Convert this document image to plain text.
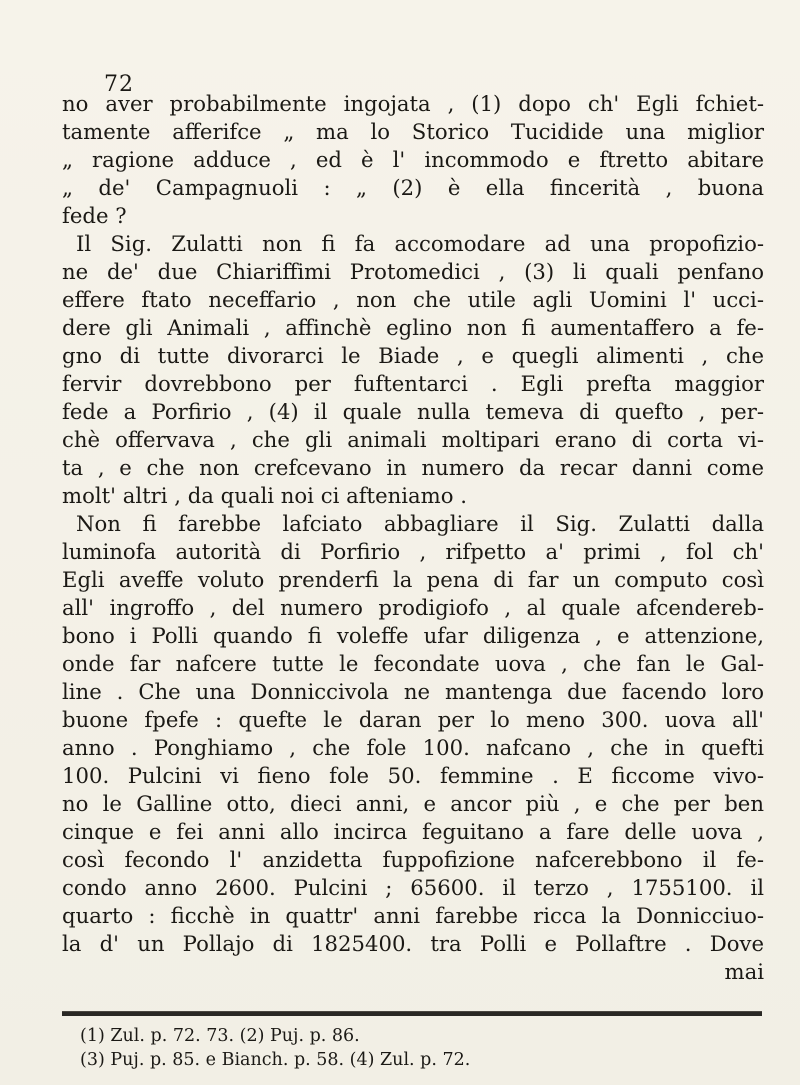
72
no aver probabilmente ingojata , (1) dopo ch' Egli fchiet-
tamente afferifce „ ma lo Storico Tucidide una miglior
„ ragione adduce , ed è l' incommodo e ftretto abitare
„ de' Campagnuoli : „ (2) è ella fincerità , buona
fede ?
Il Sig. Zulatti non fi fa accomodare ad una propofizio-
ne de' due Chiariffimi Protomedici , (3) li quali penfano
effere ftato neceffario , non che utile agli Uomini l' ucci-
dere gli Animali , affinchè eglino non fi aumentaffero a fe-
gno di tutte divorarci le Biade , e quegli alimenti , che
fervir dovrebbono per fuftentarci . Egli prefta maggior
fede a Porfirio , (4) il quale nulla temeva di quefto , per-
chè offervava , che gli animali moltipari erano di corta vi-
ta , e che non crefcevano in numero da recar danni come
molt' altri , da quali noi ci afteniamo .
Non fi farebbe lafciato abbagliare il Sig. Zulatti dalla
luminofa autorità di Porfirio , rifpetto a' primi , fol ch'
Egli aveffe voluto prenderfi la pena di far un computo così
all' ingroffo , del numero prodigiofo , al quale afcendereb-
bono i Polli quando fi voleffe ufar diligenza , e attenzione,
onde far nafcere tutte le fecondate uova , che fan le Gal-
line . Che una Donniccivola ne mantenga due facendo loro
buone fpefe : quefte le daran per lo meno 300. uova all'
anno . Ponghiamo , che fole 100. nafcano , che in quefti
100. Pulcini vi fieno fole 50. femmine . E ficcome vivo-
no le Galline otto, dieci anni, e ancor più , e che per ben
cinque e fei anni allo incirca feguitano a fare delle uova ,
così fecondo l' anzidetta fuppofizione nafcerebbono il fe-
condo anno 2600. Pulcini ; 65600. il terzo , 1755100. il
quarto : ficchè in quattr' anni farebbe ricca la Donnicciuo-
la d' un Pollajo di 1825400. tra Polli e Pollaftre . Dove
mai
(1) Zul. p. 72. 73. (2) Puj. p. 86.
(3) Puj. p. 85. e Bianch. p. 58. (4) Zul. p. 72.
